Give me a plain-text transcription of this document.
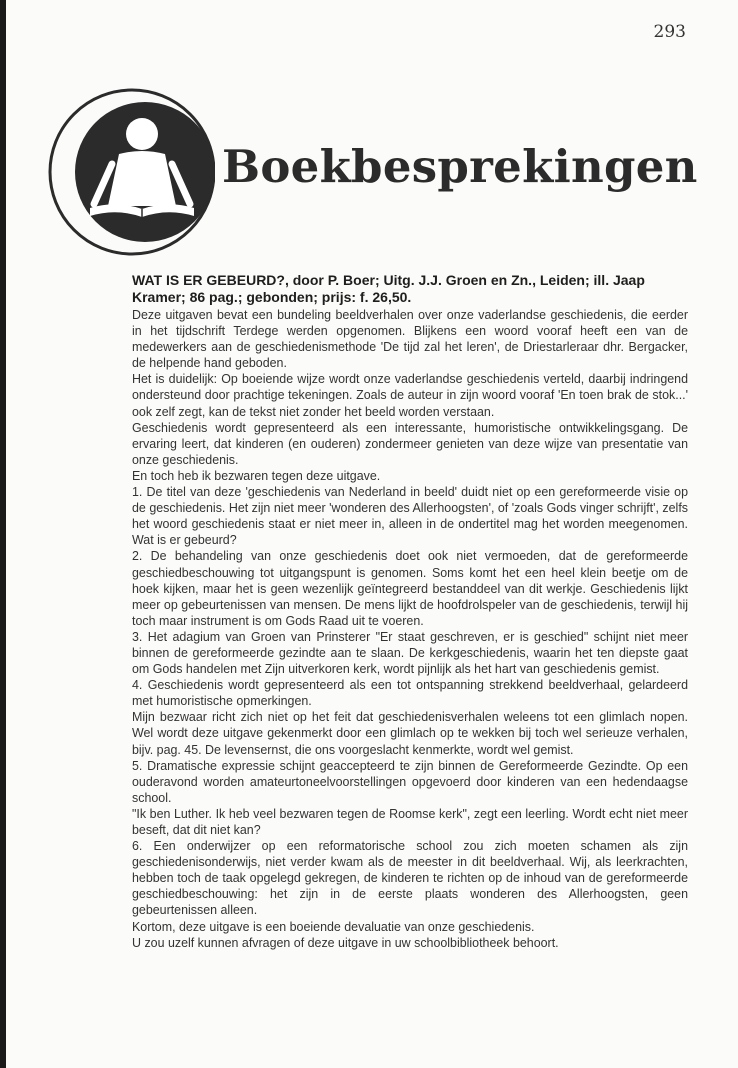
293
Boekbesprekingen
WAT IS ER GEBEURD?, door P. Boer; Uitg. J.J. Groen en Zn., Leiden; ill. Jaap Kramer; 86 pag.; gebonden; prijs: f. 26,50.

Deze uitgaven bevat een bundeling beeldverhalen over onze vaderlandse geschiedenis, die eerder in het tijdschrift Terdege werden opgenomen. Blijkens een woord vooraf heeft een van de medewerkers aan de geschiedenismethode 'De tijd zal het leren', de Driestarleraar dhr. Bergacker, de helpende hand geboden.

Het is duidelijk: Op boeiende wijze wordt onze vaderlandse geschiedenis verteld, daarbij indringend ondersteund door prachtige tekeningen. Zoals de auteur in zijn woord vooraf 'En toen brak de stok...' ook zelf zegt, kan de tekst niet zonder het beeld worden verstaan.

Geschiedenis wordt gepresenteerd als een interessante, humoristische ontwikkelingsgang. De ervaring leert, dat kinderen (en ouderen) zondermeer genieten van deze wijze van presentatie van onze geschiedenis.

En toch heb ik bezwaren tegen deze uitgave.

1. De titel van deze 'geschiedenis van Nederland in beeld' duidt niet op een gereformeerde visie op de geschiedenis. Het zijn niet meer 'wonderen des Allerhoogsten', of 'zoals Gods vinger schrijft', zelfs het woord geschiedenis staat er niet meer in, alleen in de ondertitel mag het worden meegenomen. Wat is er gebeurd?

2. De behandeling van onze geschiedenis doet ook niet vermoeden, dat de gereformeerde geschiedbeschouwing tot uitgangspunt is genomen. Soms komt het een heel klein beetje om de hoek kijken, maar het is geen wezenlijk geïntegreerd bestanddeel van dit werkje. Geschiedenis lijkt meer op gebeurtenissen van mensen. De mens lijkt de hoofdrolspeler van de geschiedenis, terwijl hij toch maar instrument is om Gods Raad uit te voeren.

3. Het adagium van Groen van Prinsterer "Er staat geschreven, er is geschied" schijnt niet meer binnen de gereformeerde gezindte aan te slaan. De kerkgeschiedenis, waarin het ten diepste gaat om Gods handelen met Zijn uitverkoren kerk, wordt pijnlijk als het hart van geschiedenis gemist.

4. Geschiedenis wordt gepresenteerd als een tot ontspanning strekkend beeldverhaal, gelardeerd met humoristische opmerkingen.

Mijn bezwaar richt zich niet op het feit dat geschiedenisverhalen weleens tot een glimlach nopen. Wel wordt deze uitgave gekenmerkt door een glimlach op te wekken bij toch wel serieuze verhalen, bijv. pag. 45. De levensernst, die ons voorgeslacht kenmerkte, wordt wel gemist.

5. Dramatische expressie schijnt geaccepteerd te zijn binnen de Gereformeerde Gezindte. Op een ouderavond worden amateurtoneelvoorstellingen opgevoerd door kinderen van een hedendaagse school.

"Ik ben Luther. Ik heb veel bezwaren tegen de Roomse kerk", zegt een leerling. Wordt echt niet meer beseft, dat dit niet kan?

6. Een onderwijzer op een reformatorische school zou zich moeten schamen als zijn geschiedenisonderwijs, niet verder kwam als de meester in dit beeldverhaal. Wij, als leerkrachten, hebben toch de taak opgelegd gekregen, de kinderen te richten op de inhoud van de gereformeerde geschiedbeschouwing: het zijn in de eerste plaats wonderen des Allerhoogsten, geen gebeurtenissen alleen.

Kortom, deze uitgave is een boeiende devaluatie van onze geschiedenis.

U zou uzelf kunnen afvragen of deze uitgave in uw schoolbibliotheek behoort.
